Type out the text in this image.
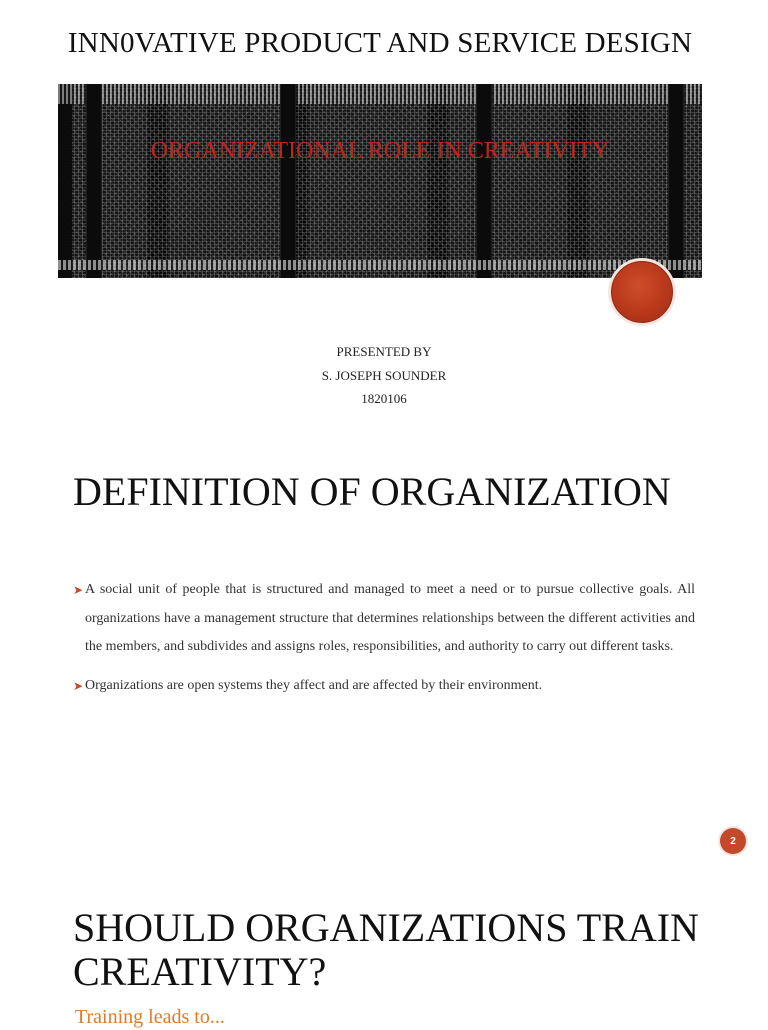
INN0VATIVE PRODUCT AND SERVICE DESIGN
ORGANIZATIONAL ROLE IN CREATIVITY
PRESENTED BY
S. JOSEPH SOUNDER
1820106
DEFINITION OF ORGANIZATION
➤ A social unit of people that is structured and managed to meet a need or to pursue collective goals. All organizations have a management structure that determines relationships between the different activities and the members, and subdivides and assigns roles, responsibilities, and authority to carry out different tasks.
➤ Organizations are open systems they affect and are affected by their environment.
2
SHOULD ORGANIZATIONS TRAIN CREATIVITY?
Training leads to...
